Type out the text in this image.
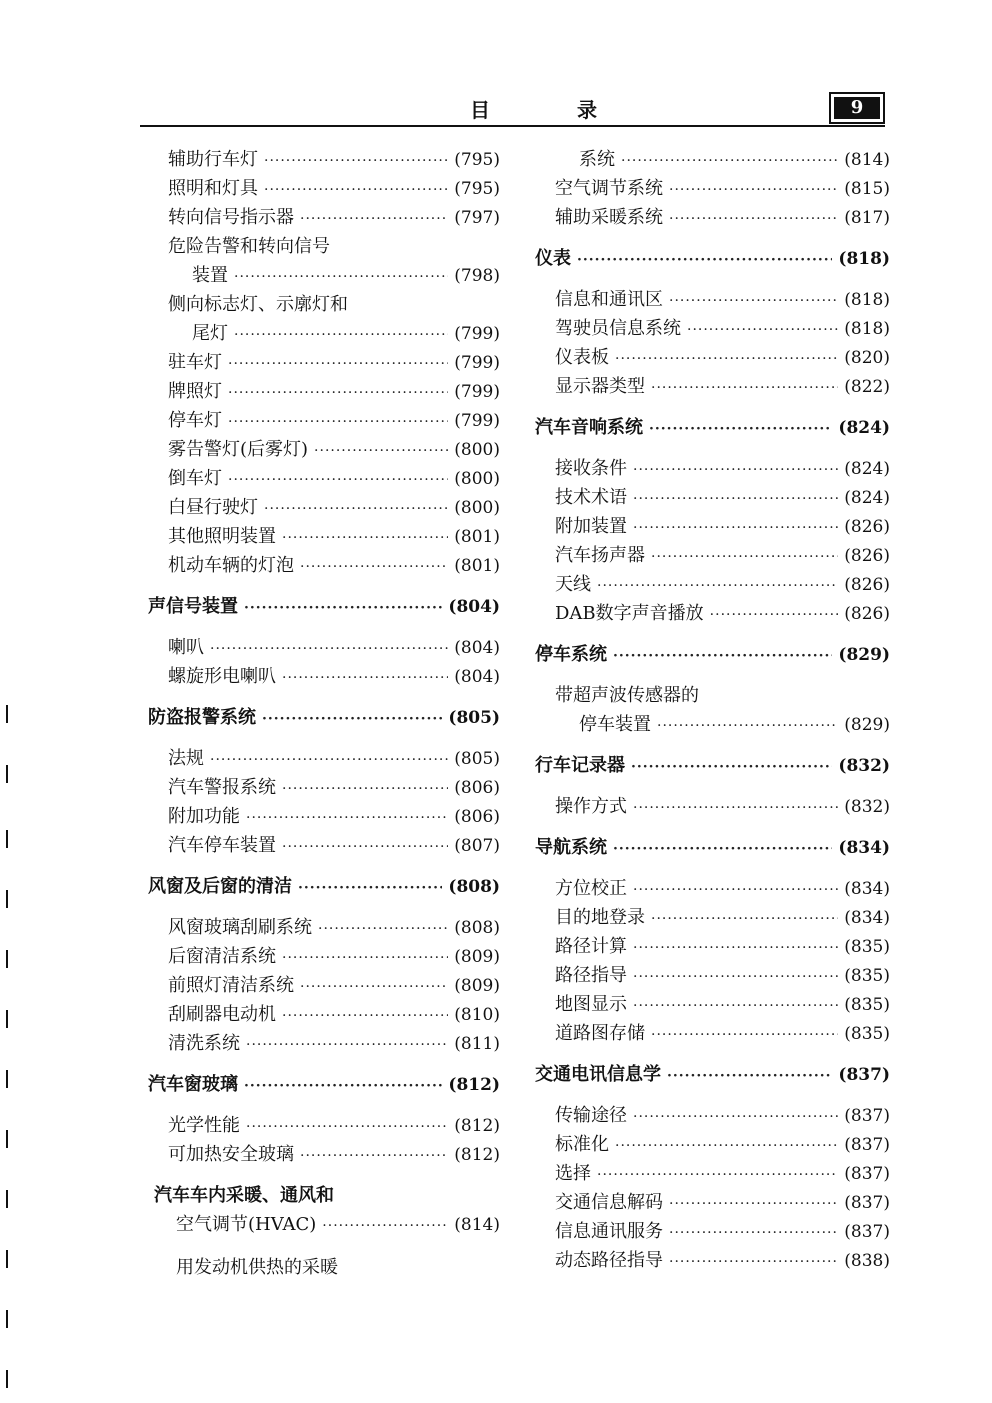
目 录	9
辅助行车灯 ·····	(795)
照明和灯具 ·····	(795)
转向信号指示器 ·····	(797)
危险告警和转向信号
装置 ·····	(798)
侧向标志灯、示廓灯和
尾灯 ·····	(799)
驻车灯 ·····	(799)
牌照灯 ·····	(799)
停车灯 ·····	(799)
雾告警灯(后雾灯) ·····	(800)
倒车灯 ·····	(800)
白昼行驶灯 ·····	(800)
其他照明装置 ·····	(801)
机动车辆的灯泡 ·····	(801)
声信号装置 ·····	(804)
喇叭 ·····	(804)
螺旋形电喇叭 ·····	(804)
防盗报警系统 ·····	(805)
法规 ·····	(805)
汽车警报系统 ·····	(806)
附加功能 ·····	(806)
汽车停车装置 ·····	(807)
风窗及后窗的清洁 ·····	(808)
风窗玻璃刮刷系统 ·····	(808)
后窗清洁系统 ·····	(809)
前照灯清洁系统 ·····	(809)
刮刷器电动机 ·····	(810)
清洗系统 ·····	(811)
汽车窗玻璃 ·····	(812)
光学性能 ·····	(812)
可加热安全玻璃 ·····	(812)
汽车车内采暖、通风和
空气调节(HVAC) ·····	(814)
用发动机供热的采暖
系统 ·····	(814)
空气调节系统 ·····	(815)
辅助采暖系统 ·····	(817)
仪表 ·····	(818)
信息和通讯区 ·····	(818)
驾驶员信息系统 ·····	(818)
仪表板 ·····	(820)
显示器类型 ·····	(822)
汽车音响系统 ·····	(824)
接收条件 ·····	(824)
技术术语 ·····	(824)
附加装置 ·····	(826)
汽车扬声器 ·····	(826)
天线 ·····	(826)
DAB数字声音播放 ·····	(826)
停车系统 ·····	(829)
带超声波传感器的
停车装置 ·····	(829)
行车记录器 ·····	(832)
操作方式 ·····	(832)
导航系统 ·····	(834)
方位校正 ·····	(834)
目的地登录 ·····	(834)
路径计算 ·····	(835)
路径指导 ·····	(835)
地图显示 ·····	(835)
道路图存储 ·····	(835)
交通电讯信息学 ·····	(837)
传输途径 ·····	(837)
标准化 ·····	(837)
选择 ·····	(837)
交通信息解码 ·····	(837)
信息通讯服务 ·····	(837)
动态路径指导 ·····	(838)
